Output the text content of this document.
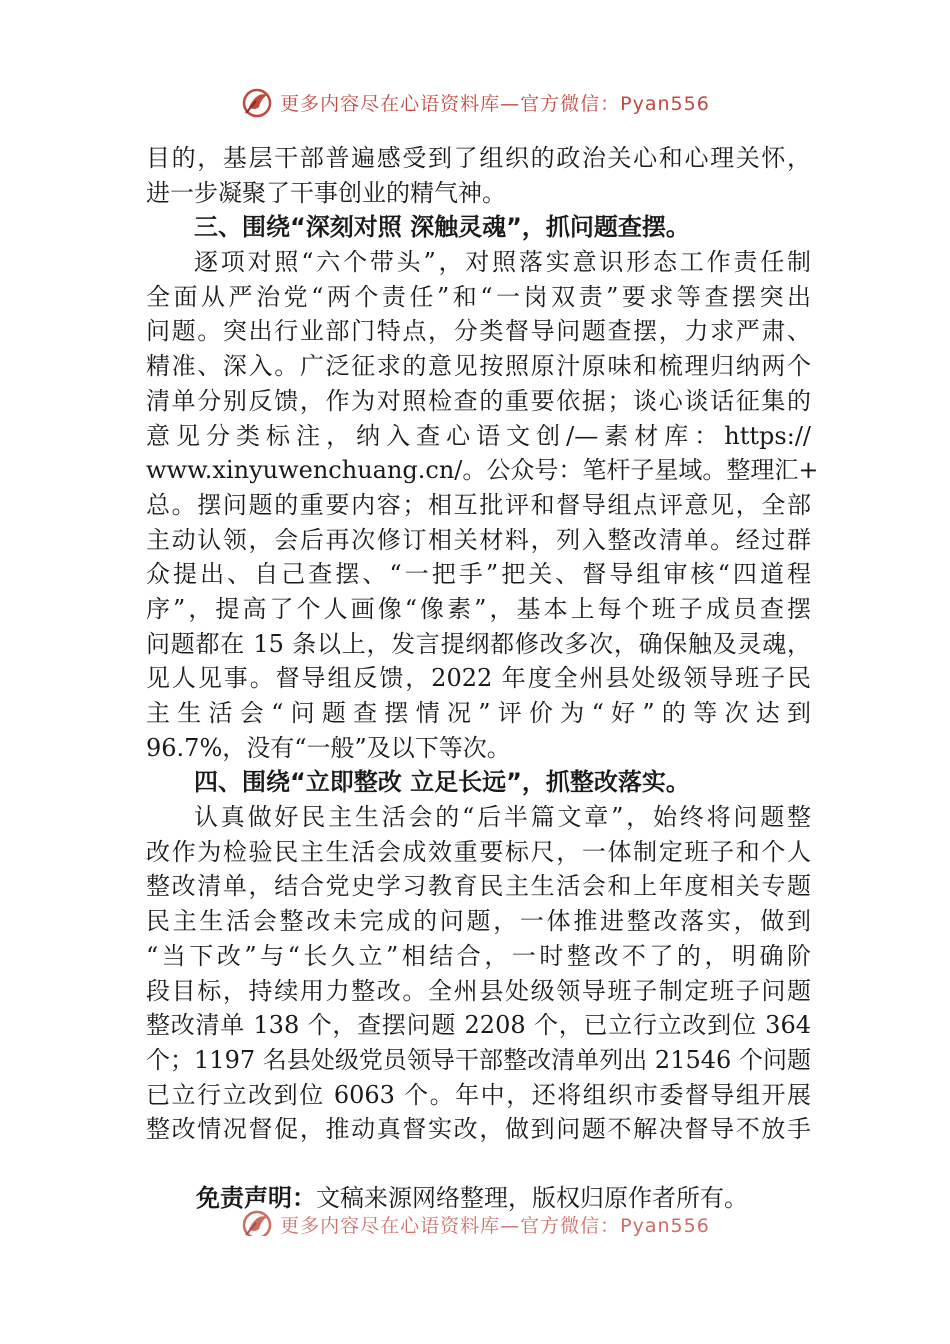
更多内容尽在心语资料库—官方微信：Pyan556
目的，基层干部普遍感受到了组织的政治关心和心理关怀，
进一步凝聚了干事创业的精气神。
三、围绕“深刻对照 深触灵魂”，抓问题查摆。
逐项对照“六个带头”，对照落实意识形态工作责任制
全面从严治党“两个责任”和“一岗双责”要求等查摆突出
问题。突出行业部门特点，分类督导问题查摆，力求严肃、
精准、深入。广泛征求的意见按照原汁原味和梳理归纳两个
清单分别反馈，作为对照检查的重要依据；谈心谈话征集的
意见分类标注，纳入查心语文创/—素材库：https://
www.xinyuwenchuang.cn/。公众号：笔杆子星域。整理汇+
总。摆问题的重要内容；相互批评和督导组点评意见，全部
主动认领，会后再次修订相关材料，列入整改清单。经过群
众提出、自己查摆、“一把手”把关、督导组审核“四道程
序”，提高了个人画像“像素”，基本上每个班子成员查摆
问题都在 15 条以上，发言提纲都修改多次，确保触及灵魂，
见人见事。督导组反馈，2022 年度全州县处级领导班子民
主生活会“问题查摆情况”评价为“好”的等次达到
96.7%，没有“一般”及以下等次。
四、围绕“立即整改 立足长远”，抓整改落实。
认真做好民主生活会的“后半篇文章”，始终将问题整
改作为检验民主生活会成效重要标尺，一体制定班子和个人
整改清单，结合党史学习教育民主生活会和上年度相关专题
民主生活会整改未完成的问题，一体推进整改落实，做到
“当下改”与“长久立”相结合，一时整改不了的，明确阶
段目标，持续用力整改。全州县处级领导班子制定班子问题
整改清单 138 个，查摆问题 2208 个，已立行立改到位 364
个；1197 名县处级党员领导干部整改清单列出 21546 个问题
已立行立改到位 6063 个。年中，还将组织市委督导组开展
整改情况督促，推动真督实改，做到问题不解决督导不放手
更多内容尽在心语资料库—官方微信：Pyan556
免责声明：文稿来源网络整理，版权归原作者所有。
